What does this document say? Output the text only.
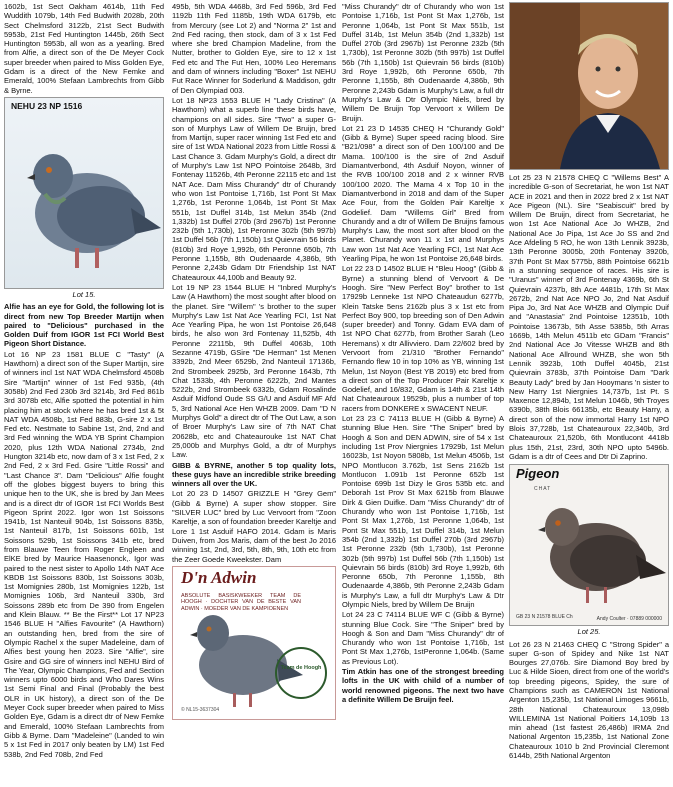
1602b, 1st Sect Oakham 4614b, 11th Fed Wuddith 1079b, 14th Fed Budwith 2028b, 20th Sect Chelmsford 3122b, 21st Sect Budwith 5953b, 21st Fed Huntington 1445b, 26th Sect Huntington 5953b, all won as a yearling. Bred from Alfie, a direct son of the De Meyer Cock super breeder when paired to Miss Golden Eye, Gdam is a direct of the New Femke and Emerald, 100% Stefaan Lambrechts from Gibb & Byrne.

NEHU 23 NP 1516
Lot 15.

Alfie has an eye for Gold, the following lot is direct from new Top Breeder Martijn when paired to "Delicious" purchased in the Golden Duif from IGOR 1st FCI World Best Pigeon Short Distance.

Lot 16 NP 23 1581 BLUE C "Tasty" (A Hawthorn) a direct son of the Super Martijn, sire of winners incl 1st NAT WDA Chelmsford 4508b Sire "Martijn" winner of 1st Fed 935b, (4th 3058b) 2nd Fed 230b 3rd 3214b, 3rd Fed 861b 3rd 3078b etc, Alfie spotted the potential in him placing him at stock where he has bred 1st & 5t NAT WDA 4508b, 1st Fed 883b, G-sire 2 x 1st Fed etc. Nestmate to Sabine 1st, 2nd, 2nd and 3rd Fed winning the WDA YB Sprint Champion 2020, plus 12th WDA National 2734b, 2nd Hungton 3214b etc, now dam of 3 x 1st Fed, 2 x 2nd Fed, 2 x 3rd Fed. Gsire "Little Rossi" and "Last Chance 3". Dam "Delicious" Alfie fought off the globes biggest buyers to bring this unique hen to the UK, she is bred by Jan Mees and is a direct dtr of IGOR 1st FCI Worlds Best Pigeon Sprint 2022. Igor won 1st Soissons 1941b, 1st Nanteuil 904b, 1st Soissons 835b, 1st Nanteuil 817b, 1st Soissons 601b, 1st Soissons 529b, 1st Soissons 341b etc, bred from Blauwe Teen from Roger Engleen and ElKE bred by Maurice Haasenonck,. Igor was paired to the nest sister to Apollo 14th NAT Ace KBDB 1st Soissons 830b, 1st Soissons 303b, 1st Momignies 280b, 1st Momignies 122b, 1st Momignies 106b, 3rd Nanteuil 330b, 3rd Soissons 289b etc from De 390 from Engelen and Klein Blauw. ** Be the First** Lot 17 NP23 1546 BLUE H "Alfies Favourite" (A Hawthorn) an outstanding hen, bred from the sire of Olympic Rachel x the super Madeleine, dam of Alfies best young hen 2023. Sire "Alfie", sire Gsire and GG sire of winners incl NEHU Bird of The Year, Olympic Champions, Fed and Section winners upto 6000 birds and Who Dares Wins 1st Semi Final and Final (Probably the best OLR in UK history), a direct son of the De Meyer Cock super breeder when paired to Miss Golden Eye, Gdam is a direct dtr of New Femke and Emerald, 100% Stefaan Lambrechts from Gibb & Byrne. Dam "Madeleine" (Landed to win 5 x 1st Fed in 2017 only beaten by LM) 1st Fed 538b, 2nd Fed 708b, 2nd Fed

495b, 5th WDA 4468b, 3rd Fed 596b, 3rd Fed 1192b 11th Fed 1185b, 19th WDA 6179b, etc from Mercury (see Lot 2) and "Norma 2" 1st and 2nd Fed racing, then stock, dam of 3 x 1st Fed where she bred Champion Madeline, from the Nutter, brother to Golden Eye, sire to 12 x 1st Fed etc and The Fut Hen, 100% Leo Heremans and dam of winners including "Boxer" 1st NEHU Fut Race Winner for Soderlund & Maddison, gdtr of Den Olympiad 003.

Lot 18 NP23 1553 BLUE H "Lady Cristina" (A Hawthorn) what a superb line these birds have, champions on all sides. Sire "Two" a super G-son of Murphys Law of Willem De Bruijn, bred from Martijn, super racer winning 1st Fed etc and sire of 1st WDA National 2023 from Little Rossi & Last Chance 3. Gdam Murphy's Gold, a direct dtr of Murphy's Law 1st NPO Pointoise 2648b, 3rd Fontenay 11526b, 4th Peronne 22115 etc and 1st NAT Ace. Dam Miss Churandy" dtr of Churandy who won 1st Pontoise 1,716b, 1st Pont St Max 1,276b, 1st Peronne 1,064b, 1st Pont St Max 551b, 1st Duffel 314b, 1st Melun 354b (2nd 1,332b) 1st Duffel 270b (3rd 2967b) 1st Peronne 232b (5th 1,730b), 1st Peronne 302b (5th 997b) 1st Duffel 56b (7th 1,150b) 1st Quievrain 56 birds (810b) 3rd Roye 1,992b, 6th Peronne 650b, 7th Peronne 1,155b, 8th Oudenaarde 4,386b, 9th Peronne 2,243b Gdam Dtr Friendship 1st NAT Chateauroux 44,100b and Beauty 92.

Lot 19 NP 23 1544 BLUE H "Inbred Murphy's Law (A Hawthorn) the most sought after blood on the planet. Sire "Willem" 's brother to the super Murphy's Law 1st Nat Ace Yearling FCI, 1st Nat Ace Yearling Pipa, he won 1st Pontoise 26,648 birds, he also won 3rd Fontenay 11,525b, 4th Peronne 22115b, 9th Duffel 4063b, 10th Sezanne 4719b, GSire "De Herman" 1st Menen 3392b, 2nd Meer 6529b, 2nd Nanteuil 17136b, 2nd Strombeek 2925b, 3rd Peronne 1643b, 7th Chat 1533b, 4th Peronne 6222b, 2nd Mantes 5222b, 2nd Strombeek 6332b, Gdam Rosalinde Asduif Midfond Oude SS G/U and Asduif MF Afd 5, 3rd National Ace Hen WHZB 2009. Dam "D N Murphys Gold" a direct dtr of The Out Law, a son of Broer Murphy's Law sire of 7th NAT Chat 20628b, etc and Chateauroukе 1st NAT Chat 25,000b and Murphys Gold, a dtr of Murphys Law.

GIBB & BYRNE, another 5 top quality lots, these guys have an incredible strike breeding winners all over the UK.

Lot 20 23 D 14507 GRIZZLE H "Grey Gem" (Gibb & Byrne) A super show stopper. Sire "SILVER LUC" bred by Luc Vervoort from "Zoon Kareltje, a son of foundation breeder Kareltje and Lore 1 1st Asduif HAFO 2014. Gdam is Maris Duiven, from Jos Maris, dam of the best Jo 2016 winning 1st, 2nd, 3rd, 5th, 8th, 9th, 10th etc from the Zeer Goede Kweekster. Dam

D'n Adwin
ABSOLUTE BASISKWEEKER TEAM DE HOOGH · DOCHTER VAN DE BESTE VAN ADWIN · MOEDER VAN DE KAMPIOENEN
Team de Hoogh
© NL15-3637304

"Miss Churandy" dtr of Churandy who won 1st Pontoise 1,716b, 1st Pont St Max 1,276b, 1st Peronne 1,064b, 1st Pont St Max 551b, 1st Duffel 314b, 1st Melun 354b (2nd 1,332b) 1st Duffel 270b (3rd 2967b) 1st Peronne 232b (5th 1,730b), 1st Peronne 302b (5th 997b) 1st Duffel 56b (7th 1,150b) 1st Quievrain 56 birds (810b) 3rd Roye 1,992b, 6th Peronne 650b, 7th Peronne 1,155b, 8th Oudenaarde 4,386b, 9th Peronne 2,243b Gdam is Murphy's Law, a full dtr Murphy's Law & Dtr Olympic Niels, bred by Willem De Bruijn Top Vervoort x Willem De Bruijn.

Lot 21 23 D 14535 CHEQ H "Churandy Gold" (Gibb & Byrne) Super speed racing blood. Sire "B21/098" a direct son of Den 100/100 and De Mama. 100/100 is the sire of 2nd Asduif Diamantverbond, 4th Asduif Noyon, winner of the RVB 100/100 2018 and 2 x winner RVB 100/100 2020. The Mama 4 x Top 10 in the Diamantverbond in 2018 and dam of the Super Ace Four, from the Golden Pair Kareltje x Godelief. Dam "Willems Girl" Bred from Churandy and a dtr of Willem De Bruijns famous Murphy's Law, the most sort after blood on the Planet. Churandy won 11 x 1st and Murphys Law won 1st Nat Ace Yearling FCI, 1st Nat Ace Yearling Pipa, he won 1st Pontoise 26,648 birds.

Lot 22 23 D 14502 BLUE H "Bleu Hoog" (Gibb & Byrne) a stunning blend of Vervoort & De Hoogh. Sire "New Perfect Boy" brother to 1st 17929b Lenneke 1st NPO Chateaudun 6277b, Klein Tatske 5ens 2162b plus 3 x 1st etc from Perfect Boy 900, top breeding son of Den Adwin (super breeder) and Tonny. Gdam EVA dam of 1st NPO Chat 6277b, from Brother Sarah (Leo Heremans) x dtr Allivviero. Dam 22/602 bred by Vervoort from 21/310 "Brother Fernando" Fernando flew 10 in top 10% as YB, winning 1st Melun, 1st Noyon (Best YB 2019) etc bred from a direct son of the Top Producer Pair Kareltje x Godelief, and 16/832, Gdam is 14th & 21st 14th Nat Chateauroux 19529b, plus a number of top racers from DONKERE x SWACENT NEUF.

Lot 23 23 C 74113 BLUE H (Gibb & Byrne) A stunning Blue Hen. Sire "The Sniper" bred by Hoogh & Son and DEN ADWIN, sire of 54 x 1st including 1st Prov Niergnies 17929b, 1st Melun 16023b, 1st Noyon 5808b, 1st Melun 4506b, 1st NPO Montlucon 3.762b, 1st Sens 2162b 1st Montlucon 1.091b 1st Peronne 652b 1st Pontoise 699b 1st Dizy le Gros 535b etc. and Deborah 1st Prov St Max 6215b from Blauwe Dirk & Gien Duifke. Dam "Miss Churandy" dtr of Churandy who won 1st Pontoise 1,716b, 1st Pont St Max 1,276b, 1st Peronne 1,064b, 1st Pont St Max 551b, 1st Duffel 314b, 1st Melun 354b (2nd 1,332b) 1st Duffel 270b (3rd 2967b) 1st Peronne 232b (5th 1,730b), 1st Peronne 302b (5th 997b) 1st Duffel 56b (7th 1,150b) 1st Quievrain 56 birds (810b) 3rd Roye 1,992b, 6th Peronne 650b, 7th Peronne 1,155b, 8th Oudenaarde 4,386b, 9th Peronne 2,243b Gdam is Murphy's Law, a full dtr Murphy's Law & Dtr Olympic Niels, bred by Willem De Bruijn

Lot 24 23 C 74114 BLUE WF C (Gibb & Byrne) stunning Blue Cock. Sire "The Sniper" bred by Hoogh & Son and Dam "Miss Churandy" dtr of Churandy who won 1st Pontoise 1,716b, 1st Pont St Max 1,276b, 1stPeronne 1,064b. (Same as Previous Lot).

Tim Atkin has one of the strongest breeding lofts in the UK with child of a number of world renowned pigeons. The next two have a definite Willem De Bruijn feel.

Lot 25 23 N 21578 CHEQ C "Willems Best" A incredible G-son of Secretariat, he won 1st NAT ACE in 2021 and then in 2022 bred 2 x 1st NAT Ace Pigeon (NL). Sire "Seabiscuit" bred by Willem De Bruijn, direct from Secretariat, he won 1st Ace National Ace Jo WHZB, 2nd National Ace Jo Pipa, 1st Ace Jo SS and 2nd Ace Afdeling 5 RO, he won 13th Lennik 3923b, 13th Peronne 3005b, 20th Fontenay 3920b, 37th Pont St Max 5775b, 88th Pointoise 6621b in a stunning sequence of races. His sire is "Uranus" winner of 3rd Fontenay 4369b, 6th St Quievrain 4237b, 8th Ace 4481b, 17th St Max 2672b, 2nd Nat Ace NPO Jo, 2nd Nat Asduif Pipa Jo, 3rd Nat Ace WHZB and Olympic Duif and "Anastasia" 2nd Pointoise 12351b, 10th Pointoise 13673b, 5th Asse 5385b, 5th Arras 1669b, 14th Melun 4511b etc GDam "Francis" 2nd National Ace Jo Vitesse WHZB and 8th National Ace Allround WHZB, she won 5th Lennik 3923b, 10th Duffel 4045b, 21st Quievrain 3783b, 37th Pointoise Dam "Dark Beauty Lady" bred by Jan Hooymans 'n sister to New Harry 1st Niergnies 14,737b, 1st Pt. S Maxence 12,894b, 1st Melun 1046b, 9th Troyes 6390b, 38th Blois 66135b, etc Beauty Harry, a direct son of the now immortal Harry 1st NPO Blois 37,728b, 1st Chateauroux 22,340b, 3rd Chateauroux 21,520b, 6th Montlucont 4418b plus 15th, 21st, 23rd, 30th NPO upto 5496b. Gdam is a dtr of Cees and Dtr Di Zaprino.

Pigeon
CHAT
GB 23 N 21578 BLUE Ch	Andy Coulter · 07889 000000
Lot 25.

Lot 26 23 N 21463 CHEQ C "Strong Spider" a super G-son of Spidey and Nike 1st NAT Bourges 27,076b. Sire Diamond Boy bred by Luc & Hilde Sioen, direct from one of the world's top breeding pigeons, Spidey, the sure of Champions such as CAMERON 1st National Argenton 15,235b, 1st National Limoges 9661b, 28th National Chateauroux 13,098b WILLEMINA 1st National Poitiers 14,109b 13 min ahead (1st fastest 26,486b) IRMA 2nd National Argenton 15,235b, 1st National Zone Chateauroux 1010 b 2nd Provincial Cleremont 6144b, 25th National Argenton
